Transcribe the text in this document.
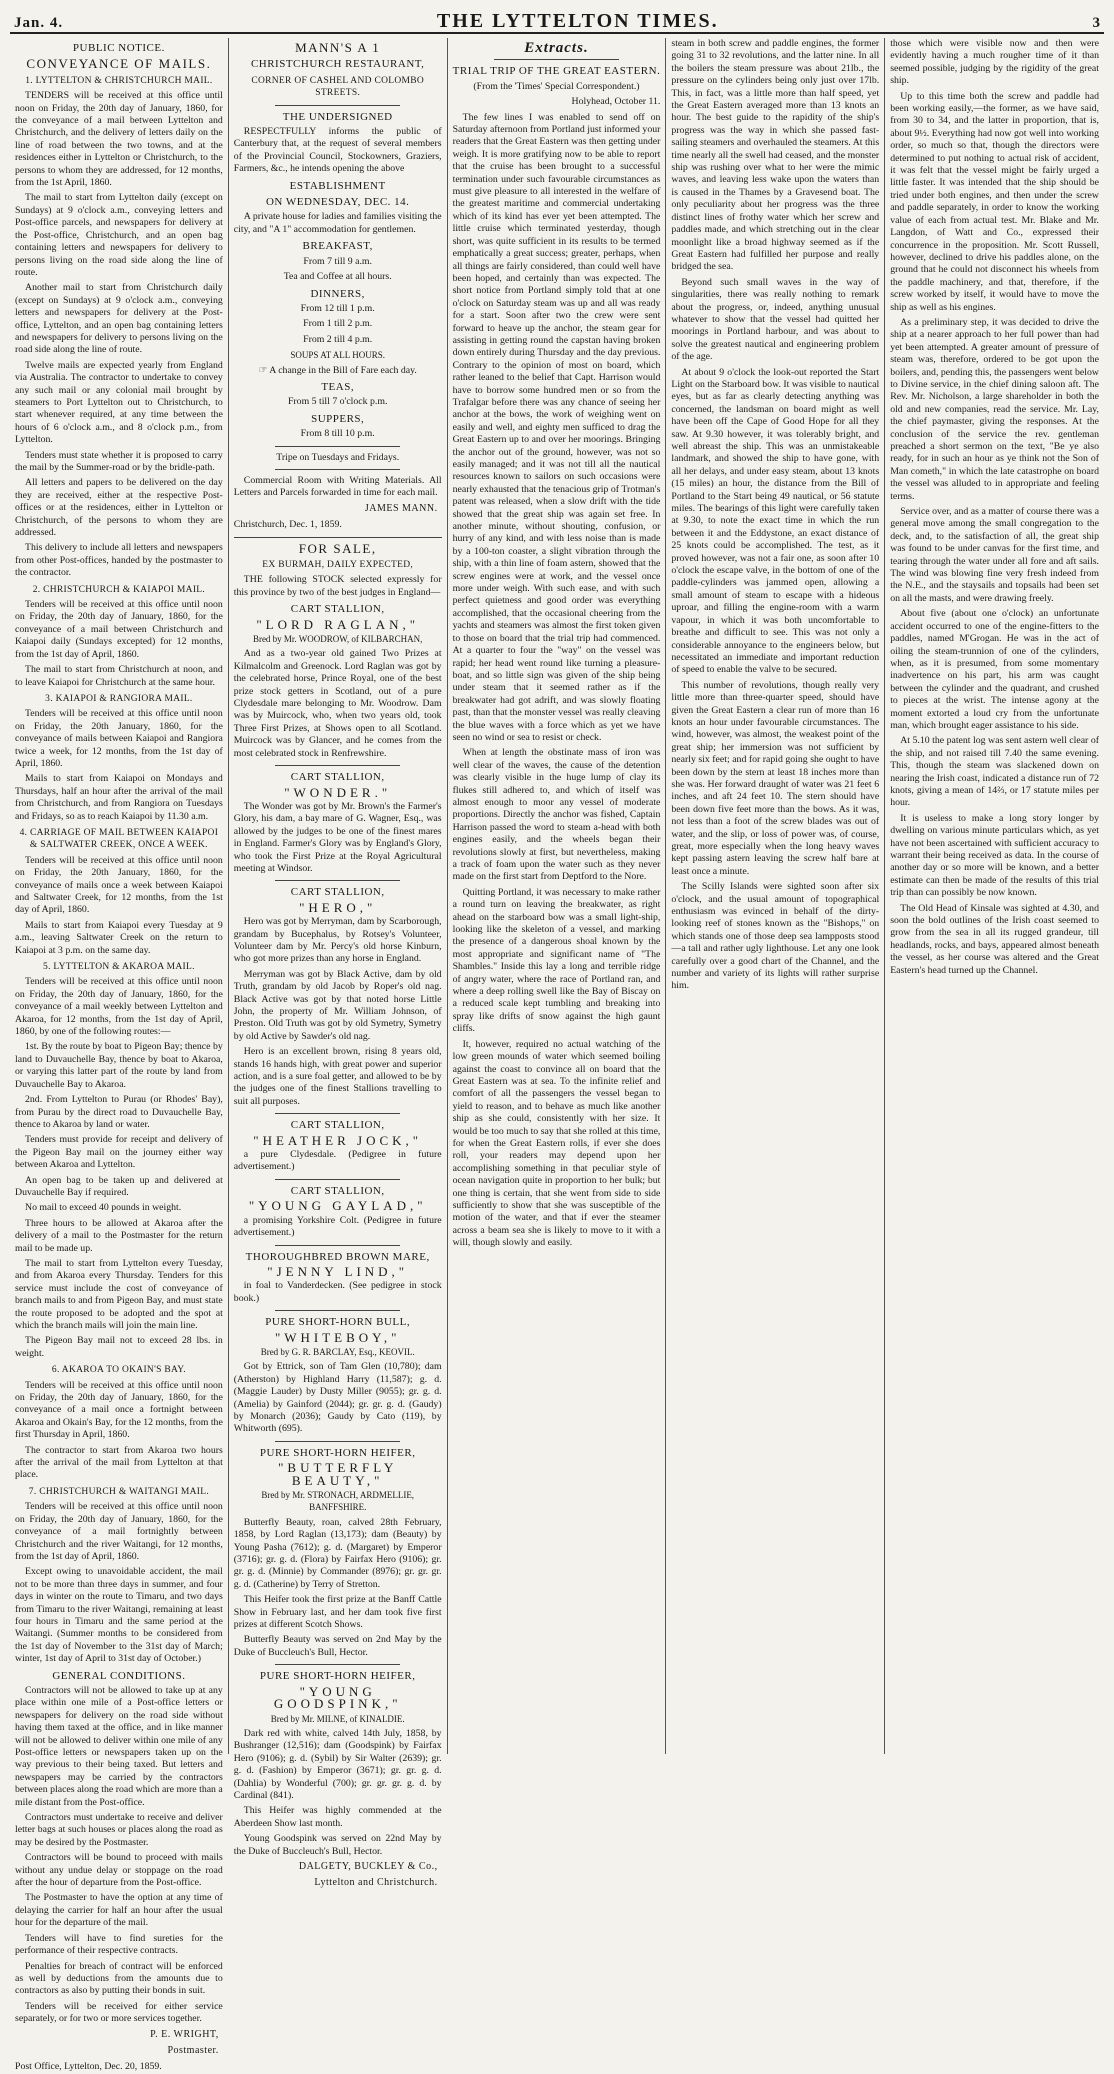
Jan. 4.	THE LYTTELTON TIMES.	3
PUBLIC NOTICE.
CONVEYANCE OF MAILS.
1. LYTTELTON & CHRISTCHURCH MAIL.

TENDERS will be received at this office until noon on Friday, the 20th day of January, 1860, for the conveyance of a mail between Lyttelton and Christchurch, and the delivery of letters daily on the line of road between the two towns, and at the residences either in Lyttelton or Christchurch, to the persons to whom they are addressed, for 12 months, from the 1st April, 1860.

The mail to start from Lyttelton daily (except on Sundays) at 9 o'clock a.m., conveying letters and Post-office parcels, and newspapers for delivery at the Post-office, Christchurch, and an open bag containing letters and newspapers for delivery to persons living on the road side along the line of route.

Another mail to start from Christchurch daily (except on Sundays) at 9 o'clock a.m., conveying letters and newspapers for delivery at the Post-office, Lyttelton, and an open bag containing letters and newspapers for delivery to persons living on the road side along the line of route.

Twelve mails are expected yearly from England via Australia. The contractor to undertake to convey any such mail or any colonial mail brought by steamers to Port Lyttelton out to Christchurch, to start whenever required, at any time between the hours of 6 o'clock a.m., and 8 o'clock p.m., from Lyttelton.

Tenders must state whether it is proposed to carry the mail by the Summer-road or by the bridle-path.

All letters and papers to be delivered on the day they are received, either at the respective Post-offices or at the residences, either in Lyttelton or Christchurch, of the persons to whom they are addressed.

This delivery to include all letters and newspapers from other Post-offices, handed by the postmaster to the contractor.

2. CHRISTCHURCH & KAIAPOI MAIL.

Tenders will be received at this office until noon on Friday, the 20th day of January, 1860, for the conveyance of a mail between Christchurch and Kaiapoi daily (Sundays excepted) for 12 months, from the 1st day of April, 1860.

The mail to start from Christchurch at noon, and to leave Kaiapoi for Christchurch at the same hour.

3. KAIAPOI & RANGIORA MAIL.

Tenders will be received at this office until noon on Friday, the 20th January, 1860, for the conveyance of mails between Kaiapoi and Rangiora twice a week, for 12 months, from the 1st day of April, 1860.

Mails to start from Kaiapoi on Mondays and Thursdays, half an hour after the arrival of the mail from Christchurch, and from Rangiora on Tuesdays and Fridays, so as to reach Kaiapoi by 11.30 a.m.

4. CARRIAGE OF MAIL BETWEEN KAIAPOI & SALTWATER CREEK, ONCE A WEEK.

Tenders will be received at this office until noon on Friday, the 20th January, 1860, for the conveyance of mails once a week between Kaiapoi and Saltwater Creek, for 12 months, from the 1st day of April, 1860.

Mails to start from Kaiapoi every Tuesday at 9 a.m., leaving Saltwater Creek on the return to Kaiapoi at 3 p.m. on the same day.

5. LYTTELTON & AKAROA MAIL.

Tenders will be received at this office until noon on Friday, the 20th day of January, 1860, for the conveyance of a mail weekly between Lyttelton and Akaroa, for 12 months, from the 1st day of April, 1860, by one of the following routes:—

1st. By the route by boat to Pigeon Bay; thence by land to Duvauchelle Bay, thence by boat to Akaroa, or varying this latter part of the route by land from Duvauchelle Bay to Akaroa.

2nd. From Lyttelton to Purau (or Rhodes' Bay), from Purau by the direct road to Duvauchelle Bay, thence to Akaroa by land or water.

Tenders must provide for receipt and delivery of the Pigeon Bay mail on the journey either way between Akaroa and Lyttelton.

An open bag to be taken up and delivered at Duvauchelle Bay if required.

No mail to exceed 40 pounds in weight.

Three hours to be allowed at Akaroa after the delivery of a mail to the Postmaster for the return mail to be made up.

The mail to start from Lyttelton every Tuesday, and from Akaroa every Thursday. Tenders for this service must include the cost of conveyance of branch mails to and from Pigeon Bay, and must state the route proposed to be adopted and the spot at which the branch mails will join the main line.

The Pigeon Bay mail not to exceed 28 lbs. in weight.

6. AKAROA TO OKAIN'S BAY.

Tenders will be received at this office until noon on Friday, the 20th day of January, 1860, for the conveyance of a mail once a fortnight between Akaroa and Okain's Bay, for the 12 months, from the first Thursday in April, 1860.

The contractor to start from Akaroa two hours after the arrival of the mail from Lyttelton at that place.

7. CHRISTCHURCH & WAITANGI MAIL.

Tenders will be received at this office until noon on Friday, the 20th day of January, 1860, for the conveyance of a mail fortnightly between Christchurch and the river Waitangi, for 12 months, from the 1st day of April, 1860.

Except owing to unavoidable accident, the mail not to be more than three days in summer, and four days in winter on the route to Timaru, and two days from Timaru to the river Waitangi, remaining at least four hours in Timaru and the same period at the Waitangi. (Summer months to be considered from the 1st day of November to the 31st day of March; winter, 1st day of April to 31st day of October.)

GENERAL CONDITIONS.

Contractors will not be allowed to take up at any place within one mile of a Post-office letters or newspapers for delivery on the road side without having them taxed at the office, and in like manner will not be allowed to deliver within one mile of any Post-office letters or newspapers taken up on the way previous to their being taxed. But letters and newspapers may be carried by the contractors between places along the road which are more than a mile distant from the Post-office.

Contractors must undertake to receive and deliver letter bags at such houses or places along the road as may be desired by the Postmaster.

Contractors will be bound to proceed with mails without any undue delay or stoppage on the road after the hour of departure from the Post-office.

The Postmaster to have the option at any time of delaying the carrier for half an hour after the usual hour for the departure of the mail.

Tenders will have to find sureties for the performance of their respective contracts.

Penalties for breach of contract will be enforced as well by deductions from the amounts due to contractors as also by putting their bonds in suit.

Tenders will be received for either service separately, or for two or more services together.

P. E. WRIGHT,
Postmaster.

Post Office, Lyttelton, Dec. 20, 1859.

MANN'S A 1
CHRISTCHURCH RESTAURANT,
CORNER OF CASHEL AND COLOMBO STREETS.
THE UNDERSIGNED

RESPECTFULLY informs the public of Canterbury that, at the request of several members of the Provincial Council, Stockowners, Graziers, Farmers, &c., he intends opening the above

ESTABLISHMENT
ON WEDNESDAY, DEC. 14.

A private house for ladies and families visiting the city, and "A 1" accommodation for gentlemen.

BREAKFAST,

From 7 till 9 a.m.

Tea and Coffee at all hours.

DINNERS,

From 12 till 1 p.m.

From 1 till 2 p.m.

From 2 till 4 p.m.

SOUPS AT ALL HOURS.

☞ A change in the Bill of Fare each day.

TEAS,

From 5 till 7 o'clock p.m.

SUPPERS,

From 8 till 10 p.m.

Tripe on Tuesdays and Fridays.

Commercial Room with Writing Materials. All Letters and Parcels forwarded in time for each mail.

JAMES MANN.

Christchurch, Dec. 1, 1859.

FOR SALE,
EX BURMAH, DAILY EXPECTED,

THE following STOCK selected expressly for this province by two of the best judges in England—

CART STALLION,
"LORD RAGLAN,"

Bred by Mr. WOODROW, of KILBARCHAN,

And as a two-year old gained Two Prizes at Kilmalcolm and Greenock. Lord Raglan was got by the celebrated horse, Prince Royal, one of the best prize stock getters in Scotland, out of a pure Clydesdale mare belonging to Mr. Woodrow. Dam was by Muircock, who, when two years old, took Three First Prizes, at Shows open to all Scotland. Muircock was by Glancer, and he comes from the most celebrated stock in Renfrewshire.

CART STALLION,
"WONDER."

The Wonder was got by Mr. Brown's the Farmer's Glory, his dam, a bay mare of G. Wagner, Esq., was allowed by the judges to be one of the finest mares in England. Farmer's Glory was by England's Glory, who took the First Prize at the Royal Agricultural meeting at Windsor.

CART STALLION,
"HERO,"

Hero was got by Merryman, dam by Scarborough, grandam by Bucephalus, by Rotsey's Volunteer, Volunteer dam by Mr. Percy's old horse Kinburn, who got more prizes than any horse in England.

Merryman was got by Black Active, dam by old Truth, grandam by old Jacob by Roper's old nag. Black Active was got by that noted horse Little John, the property of Mr. William Johnson, of Preston. Old Truth was got by old Symetry, Symetry by old Active by Sawder's old nag.

Hero is an excellent brown, rising 8 years old, stands 16 hands high, with great power and superior action, and is a sure foal getter, and allowed to be by the judges one of the finest Stallions travelling to suit all purposes.

CART STALLION,
"HEATHER JOCK,"

a pure Clydesdale. (Pedigree in future advertisement.)

CART STALLION,
"YOUNG GAYLAD,"

a promising Yorkshire Colt. (Pedigree in future advertisement.)

THOROUGHBRED BROWN MARE,
"JENNY LIND,"

in foal to Vanderdecken. (See pedigree in stock book.)

PURE SHORT-HORN BULL,
"WHITEBOY,"

Bred by G. R. BARCLAY, Esq., KEOVIL.

Got by Ettrick, son of Tam Glen (10,780); dam (Atherston) by Highland Harry (11,587); g. d. (Maggie Lauder) by Dusty Miller (9055); gr. g. d. (Amelia) by Gainford (2044); gr. gr. g. d. (Gaudy) by Monarch (2036); Gaudy by Cato (119), by Whitworth (695).

PURE SHORT-HORN HEIFER,
"BUTTERFLY BEAUTY,"

Bred by Mr. STRONACH, ARDMELLIE, BANFFSHIRE.

Butterfly Beauty, roan, calved 28th February, 1858, by Lord Raglan (13,173); dam (Beauty) by Young Pasha (7612); g. d. (Margaret) by Emperor (3716); gr. g. d. (Flora) by Fairfax Hero (9106); gr. gr. g. d. (Minnie) by Commander (8976); gr. gr. gr. g. d. (Catherine) by Terry of Stretton.

This Heifer took the first prize at the Banff Cattle Show in February last, and her dam took five first prizes at different Scotch Shows.

Butterfly Beauty was served on 2nd May by the Duke of Buccleuch's Bull, Hector.

PURE SHORT-HORN HEIFER,
"YOUNG GOODSPINK,"

Bred by Mr. MILNE, of KINALDIE.

Dark red with white, calved 14th July, 1858, by Bushranger (12,516); dam (Goodspink) by Fairfax Hero (9106); g. d. (Sybil) by Sir Walter (2639); gr. g. d. (Fashion) by Emperor (3671); gr. gr. g. d. (Dahlia) by Wonderful (700); gr. gr. gr. g. d. by Cardinal (841).

This Heifer was highly commended at the Aberdeen Show last month.

Young Goodspink was served on 22nd May by the Duke of Buccleuch's Bull, Hector.

DALGETY, BUCKLEY & Co.,
Lyttelton and Christchurch.
Extracts.
TRIAL TRIP OF THE GREAT EASTERN.

(From the 'Times' Special Correspondent.)

Holyhead, October 11.

The few lines I was enabled to send off on Saturday afternoon from Portland just informed your readers that the Great Eastern was then getting under weigh. It is more gratifying now to be able to report that the cruise has been brought to a successful termination under such favourable circumstances as must give pleasure to all interested in the welfare of the greatest maritime and commercial undertaking which of its kind has ever yet been attempted. The little cruise which terminated yesterday, though short, was quite sufficient in its results to be termed emphatically a great success; greater, perhaps, when all things are fairly considered, than could well have been hoped, and certainly than was expected. The short notice from Portland simply told that at one o'clock on Saturday steam was up and all was ready for a start. Soon after two the crew were sent forward to heave up the anchor, the steam gear for assisting in getting round the capstan having broken down entirely during Thursday and the day previous. Contrary to the opinion of most on board, which rather leaned to the belief that Capt. Harrison would have to borrow some hundred men or so from the Trafalgar before there was any chance of seeing her anchor at the bows, the work of weighing went on easily and well, and eighty men sufficed to drag the Great Eastern up to and over her moorings. Bringing the anchor out of the ground, however, was not so easily managed; and it was not till all the nautical resources known to sailors on such occasions were nearly exhausted that the tenacious grip of Trotman's patent was released, when a slow drift with the tide showed that the great ship was again set free. In another minute, without shouting, confusion, or hurry of any kind, and with less noise than is made by a 100-ton coaster, a slight vibration through the ship, with a thin line of foam astern, showed that the screw engines were at work, and the vessel once more under weigh. With such ease, and with such perfect quietness and good order was everything accomplished, that the occasional cheering from the yachts and steamers was almost the first token given to those on board that the trial trip had commenced. At a quarter to four the "way" on the vessel was rapid; her head went round like turning a pleasure-boat, and so little sign was given of the ship being under steam that it seemed rather as if the breakwater had got adrift, and was slowly floating past, than that the monster vessel was really cleaving the blue waves with a force which as yet we have seen no wind or sea to resist or check.

When at length the obstinate mass of iron was well clear of the waves, the cause of the detention was clearly visible in the huge lump of clay its flukes still adhered to, and which of itself was almost enough to moor any vessel of moderate proportions. Directly the anchor was fished, Captain Harrison passed the word to steam a-head with both engines easily, and the wheels began their revolutions slowly at first, but nevertheless, making a track of foam upon the water such as they never made on the first start from Deptford to the Nore.

Quitting Portland, it was necessary to make rather a round turn on leaving the breakwater, as right ahead on the starboard bow was a small light-ship, looking like the skeleton of a vessel, and marking the presence of a dangerous shoal known by the most appropriate and significant name of "The Shambles." Inside this lay a long and terrible ridge of angry water, where the race of Portland ran, and where a deep rolling swell like the Bay of Biscay on a reduced scale kept tumbling and breaking into spray like drifts of snow against the high gaunt cliffs.

It, however, required no actual watching of the low green mounds of water which seemed boiling against the coast to convince all on board that the Great Eastern was at sea. To the infinite relief and comfort of all the passengers the vessel began to yield to reason, and to behave as much like another ship as she could, consistently with her size. It would be too much to say that she rolled at this time, for when the Great Eastern rolls, if ever she does roll, your readers may depend upon her accomplishing something in that peculiar style of ocean navigation quite in proportion to her bulk; but one thing is certain, that she went from side to side sufficiently to show that she was susceptible of the motion of the water, and that if ever the steamer across a beam sea she is likely to move to it with a will, though slowly and easily.

steam in both screw and paddle engines, the former going 31 to 32 revolutions, and the latter nine. In all the boilers the steam pressure was about 21lb., the pressure on the cylinders being only just over 17lb. This, in fact, was a little more than half speed, yet the Great Eastern averaged more than 13 knots an hour. The best guide to the rapidity of the ship's progress was the way in which she passed fast-sailing steamers and overhauled the steamers. At this time nearly all the swell had ceased, and the monster ship was rushing over what to her were the mimic waves, and leaving less wake upon the waters than is caused in the Thames by a Gravesend boat. The only peculiarity about her progress was the three distinct lines of frothy water which her screw and paddles made, and which stretching out in the clear moonlight like a broad highway seemed as if the Great Eastern had fulfilled her purpose and really bridged the sea.

Beyond such small waves in the way of singularities, there was really nothing to remark about the progress, or, indeed, anything unusual whatever to show that the vessel had quitted her moorings in Portland harbour, and was about to solve the greatest nautical and engineering problem of the age.

At about 9 o'clock the look-out reported the Start Light on the Starboard bow. It was visible to nautical eyes, but as far as clearly detecting anything was concerned, the landsman on board might as well have been off the Cape of Good Hope for all they saw. At 9.30 however, it was tolerably bright, and well abreast the ship. This was an unmistakeable landmark, and showed the ship to have gone, with all her delays, and under easy steam, about 13 knots (15 miles) an hour, the distance from the Bill of Portland to the Start being 49 nautical, or 56 statute miles. The bearings of this light were carefully taken at 9.30, to note the exact time in which the run between it and the Eddystone, an exact distance of 25 knots could be accomplished. The test, as it proved however, was not a fair one, as soon after 10 o'clock the escape valve, in the bottom of one of the paddle-cylinders was jammed open, allowing a small amount of steam to escape with a hideous uproar, and filling the engine-room with a warm vapour, in which it was both uncomfortable to breathe and difficult to see. This was not only a considerable annoyance to the engineers below, but necessitated an immediate and important reduction of speed to enable the valve to be secured.

This number of revolutions, though really very little more than three-quarter speed, should have given the Great Eastern a clear run of more than 16 knots an hour under favourable circumstances. The wind, however, was almost, the weakest point of the great ship; her immersion was not sufficient by nearly six feet; and for rapid going she ought to have been down by the stern at least 18 inches more than she was. Her forward draught of water was 21 feet 6 inches, and aft 24 feet 10. The stern should have been down five feet more than the bows. As it was, not less than a foot of the screw blades was out of water, and the slip, or loss of power was, of course, great, more especially when the long heavy waves kept passing astern leaving the screw half bare at least once a minute.

The Scilly Islands were sighted soon after six o'clock, and the usual amount of topographical enthusiasm was evinced in behalf of the dirty-looking reef of stones known as the "Bishops," on which stands one of those deep sea lampposts stood—a tall and rather ugly lighthouse. Let any one look carefully over a good chart of the Channel, and the number and variety of its lights will rather surprise him.

those which were visible now and then were evidently having a much rougher time of it than seemed possible, judging by the rigidity of the great ship.

Up to this time both the screw and paddle had been working easily,—the former, as we have said, from 30 to 34, and the latter in proportion, that is, about 9½. Everything had now got well into working order, so much so that, though the directors were determined to put nothing to actual risk of accident, it was felt that the vessel might be fairly urged a little faster. It was intended that the ship should be tried under both engines, and then under the screw and paddle separately, in order to know the working value of each from actual test. Mr. Blake and Mr. Langdon, of Watt and Co., expressed their concurrence in the proposition. Mr. Scott Russell, however, declined to drive his paddles alone, on the ground that he could not disconnect his wheels from the paddle machinery, and that, therefore, if the screw worked by itself, it would have to move the ship as well as his engines.

As a preliminary step, it was decided to drive the ship at a nearer approach to her full power than had yet been attempted. A greater amount of pressure of steam was, therefore, ordered to be got upon the boilers, and, pending this, the passengers went below to Divine service, in the chief dining saloon aft. The Rev. Mr. Nicholson, a large shareholder in both the old and new companies, read the service. Mr. Lay, the chief paymaster, giving the responses. At the conclusion of the service the rev. gentleman preached a short sermon on the text, "Be ye also ready, for in such an hour as ye think not the Son of Man cometh," in which the late catastrophe on board the vessel was alluded to in appropriate and feeling terms.

Service over, and as a matter of course there was a general move among the small congregation to the deck, and, to the satisfaction of all, the great ship was found to be under canvas for the first time, and tearing through the water under all fore and aft sails. The wind was blowing fine very fresh indeed from the N.E., and the staysails and topsails had been set on all the masts, and were drawing freely.

About five (about one o'clock) an unfortunate accident occurred to one of the engine-fitters to the paddles, named M'Grogan. He was in the act of oiling the steam-trunnion of one of the cylinders, when, as it is presumed, from some momentary inadvertence on his part, his arm was caught between the cylinder and the quadrant, and crushed to pieces at the wrist. The intense agony at the moment extorted a loud cry from the unfortunate man, which brought eager assistance to his side.

At 5.10 the patent log was sent astern well clear of the ship, and not raised till 7.40 the same evening. This, though the steam was slackened down on nearing the Irish coast, indicated a distance run of 72 knots, giving a mean of 14⅔, or 17 statute miles per hour.

It is useless to make a long story longer by dwelling on various minute particulars which, as yet have not been ascertained with sufficient accuracy to warrant their being received as data. In the course of another day or so more will be known, and a better estimate can then be made of the results of this trial trip than can possibly be now known.

The Old Head of Kinsale was sighted at 4.30, and soon the bold outlines of the Irish coast seemed to grow from the sea in all its rugged grandeur, till headlands, rocks, and bays, appeared almost beneath the vessel, as her course was altered and the Great Eastern's head turned up the Channel.
